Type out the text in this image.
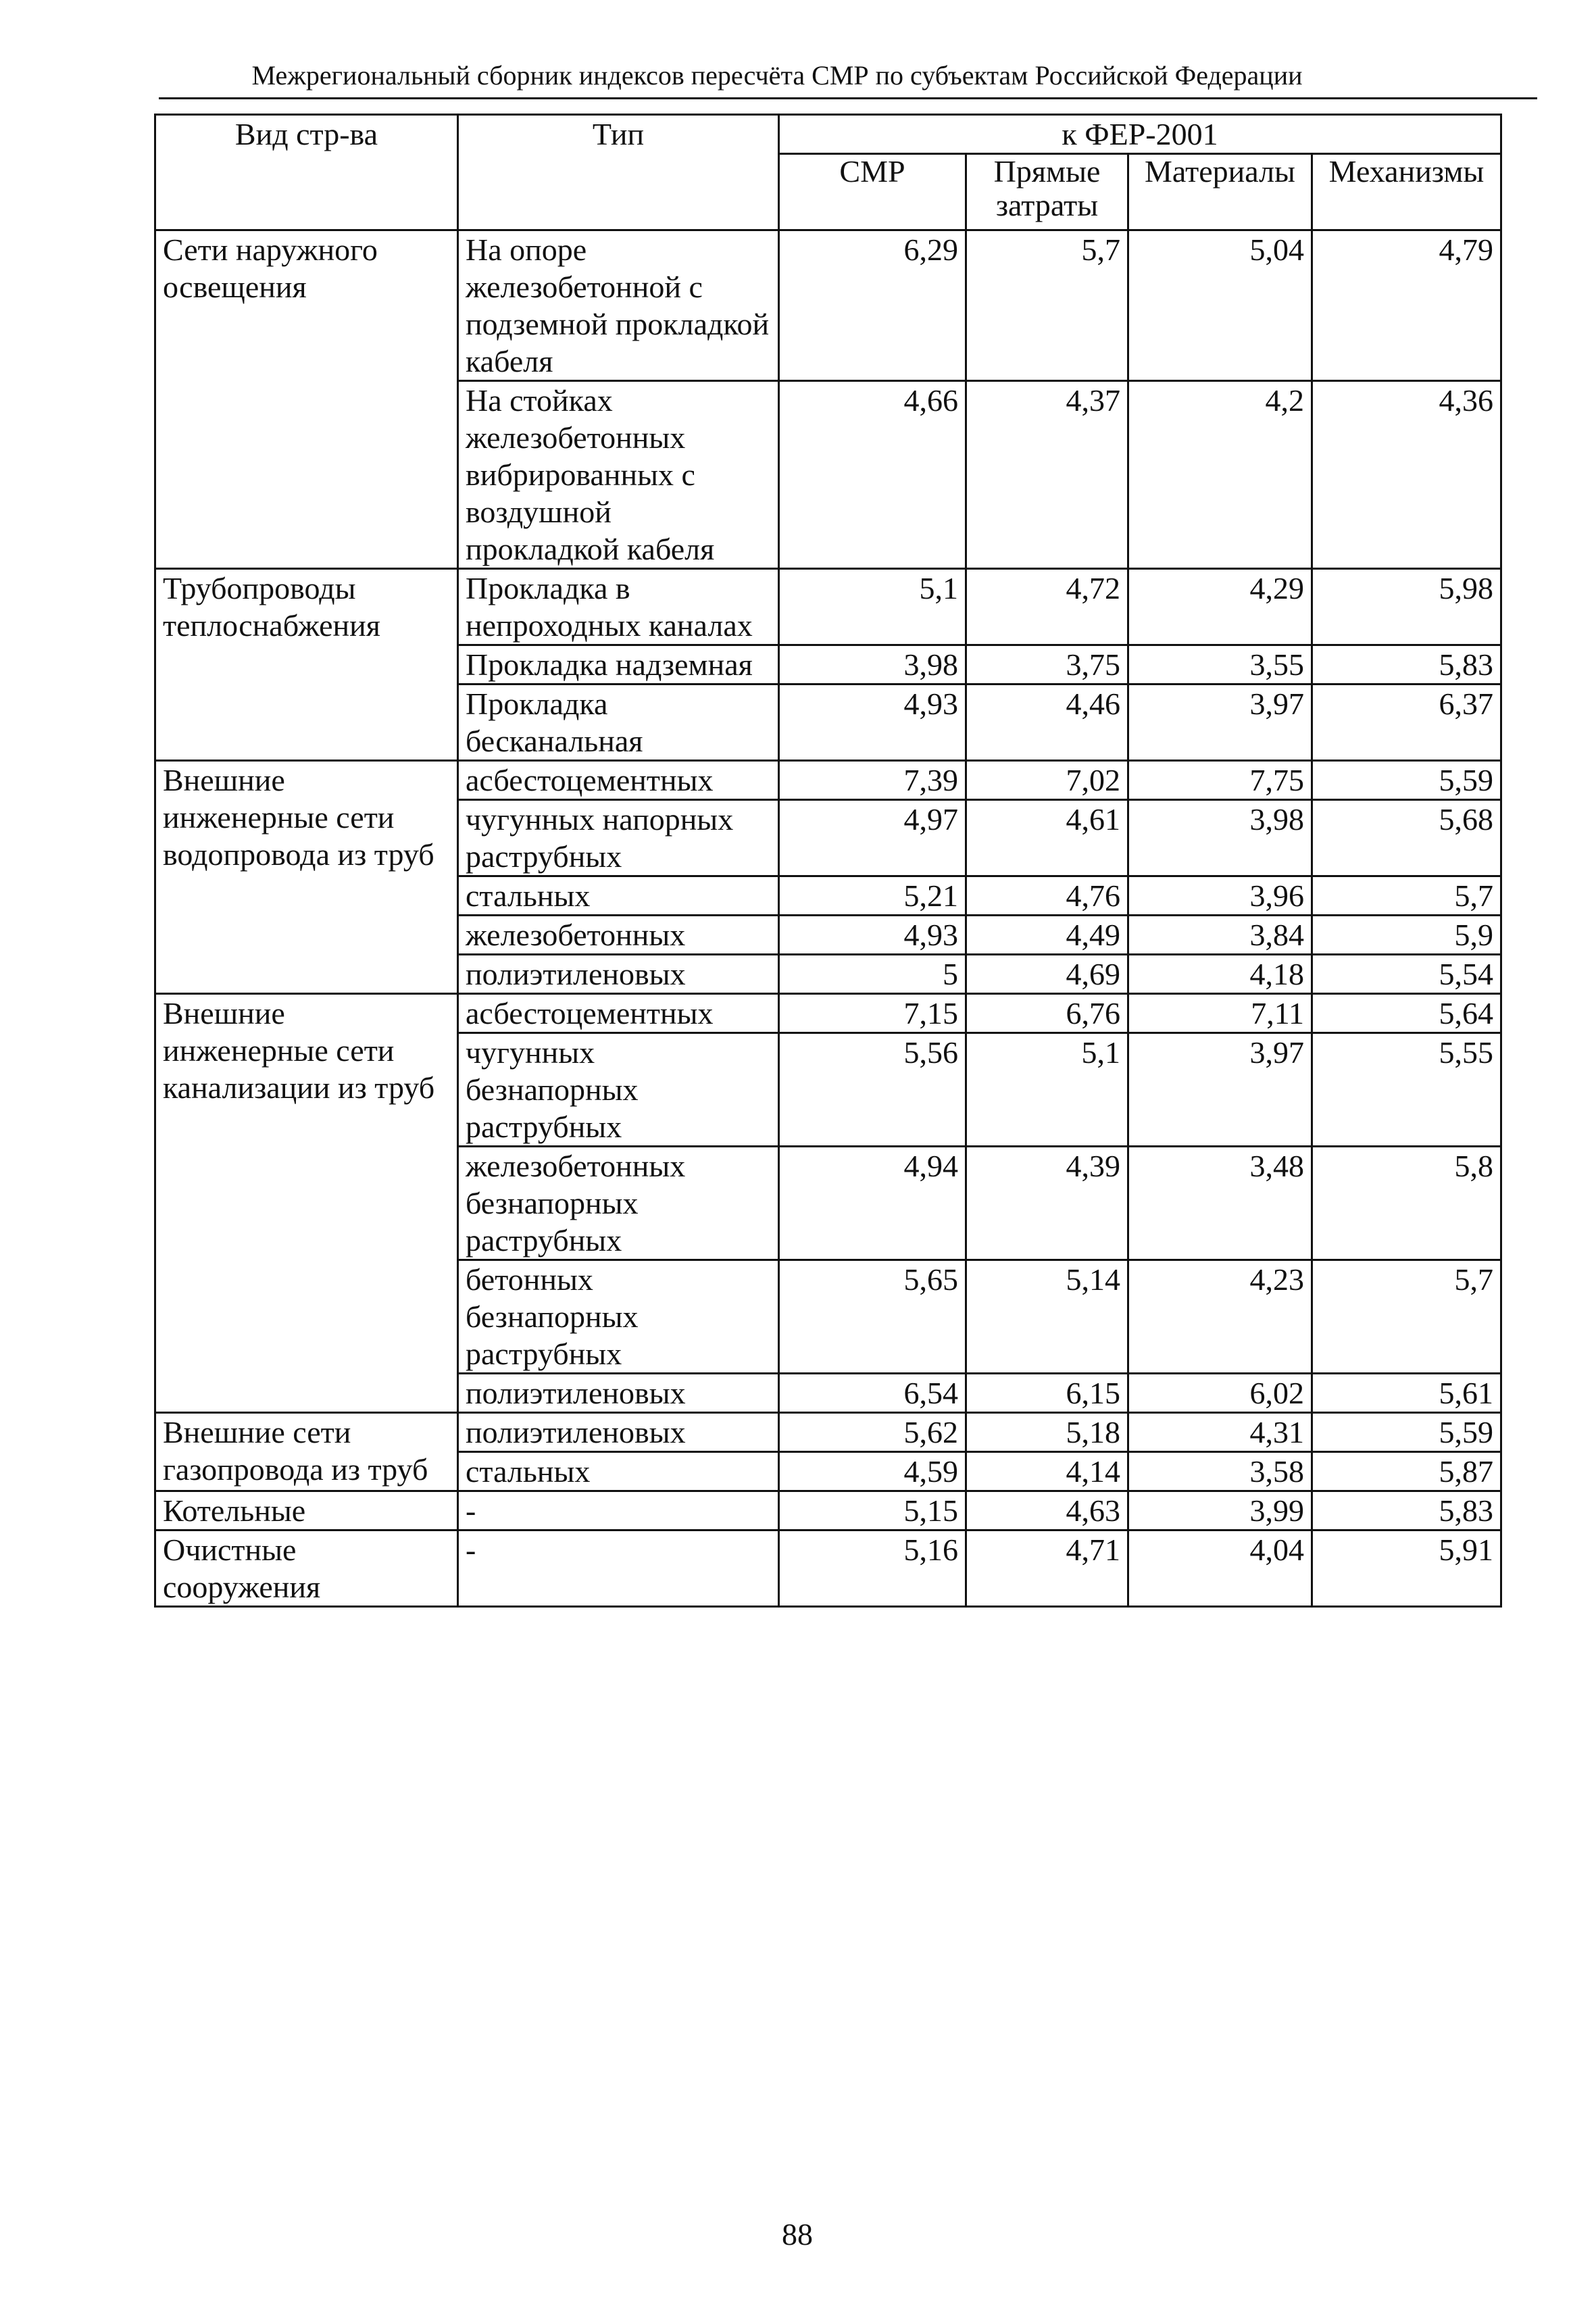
Межрегиональный сборник индексов пересчёта СМР по субъектам Российской Федерации
Вид стр-ва	Тип	к ФЕР-2001			
		СМР	Прямые затраты	Материалы	Механизмы
Сети наружного освещения	На опоре железобетонной с подземной прокладкой кабеля	6,29	5,7	5,04	4,79
	На стойках железобетонных вибрированных с воздушной прокладкой кабеля	4,66	4,37	4,2	4,36
Трубопроводы теплоснабжения	Прокладка в непроходных каналах	5,1	4,72	4,29	5,98
	Прокладка надземная	3,98	3,75	3,55	5,83
	Прокладка бесканальная	4,93	4,46	3,97	6,37
Внешние инженерные сети водопровода из труб	асбестоцементных	7,39	7,02	7,75	5,59
	чугунных напорных раструбных	4,97	4,61	3,98	5,68
	стальных	5,21	4,76	3,96	5,7
	железобетонных	4,93	4,49	3,84	5,9
	полиэтиленовых	5	4,69	4,18	5,54
Внешние инженерные сети канализации из труб	асбестоцементных	7,15	6,76	7,11	5,64
	чугунных безнапорных раструбных	5,56	5,1	3,97	5,55
	железобетонных безнапорных раструбных	4,94	4,39	3,48	5,8
	бетонных безнапорных раструбных	5,65	5,14	4,23	5,7
	полиэтиленовых	6,54	6,15	6,02	5,61
Внешние сети газопровода из труб	полиэтиленовых	5,62	5,18	4,31	5,59
	стальных	4,59	4,14	3,58	5,87
Котельные	-	5,15	4,63	3,99	5,83
Очистные сооружения	-	5,16	4,71	4,04	5,91
88
